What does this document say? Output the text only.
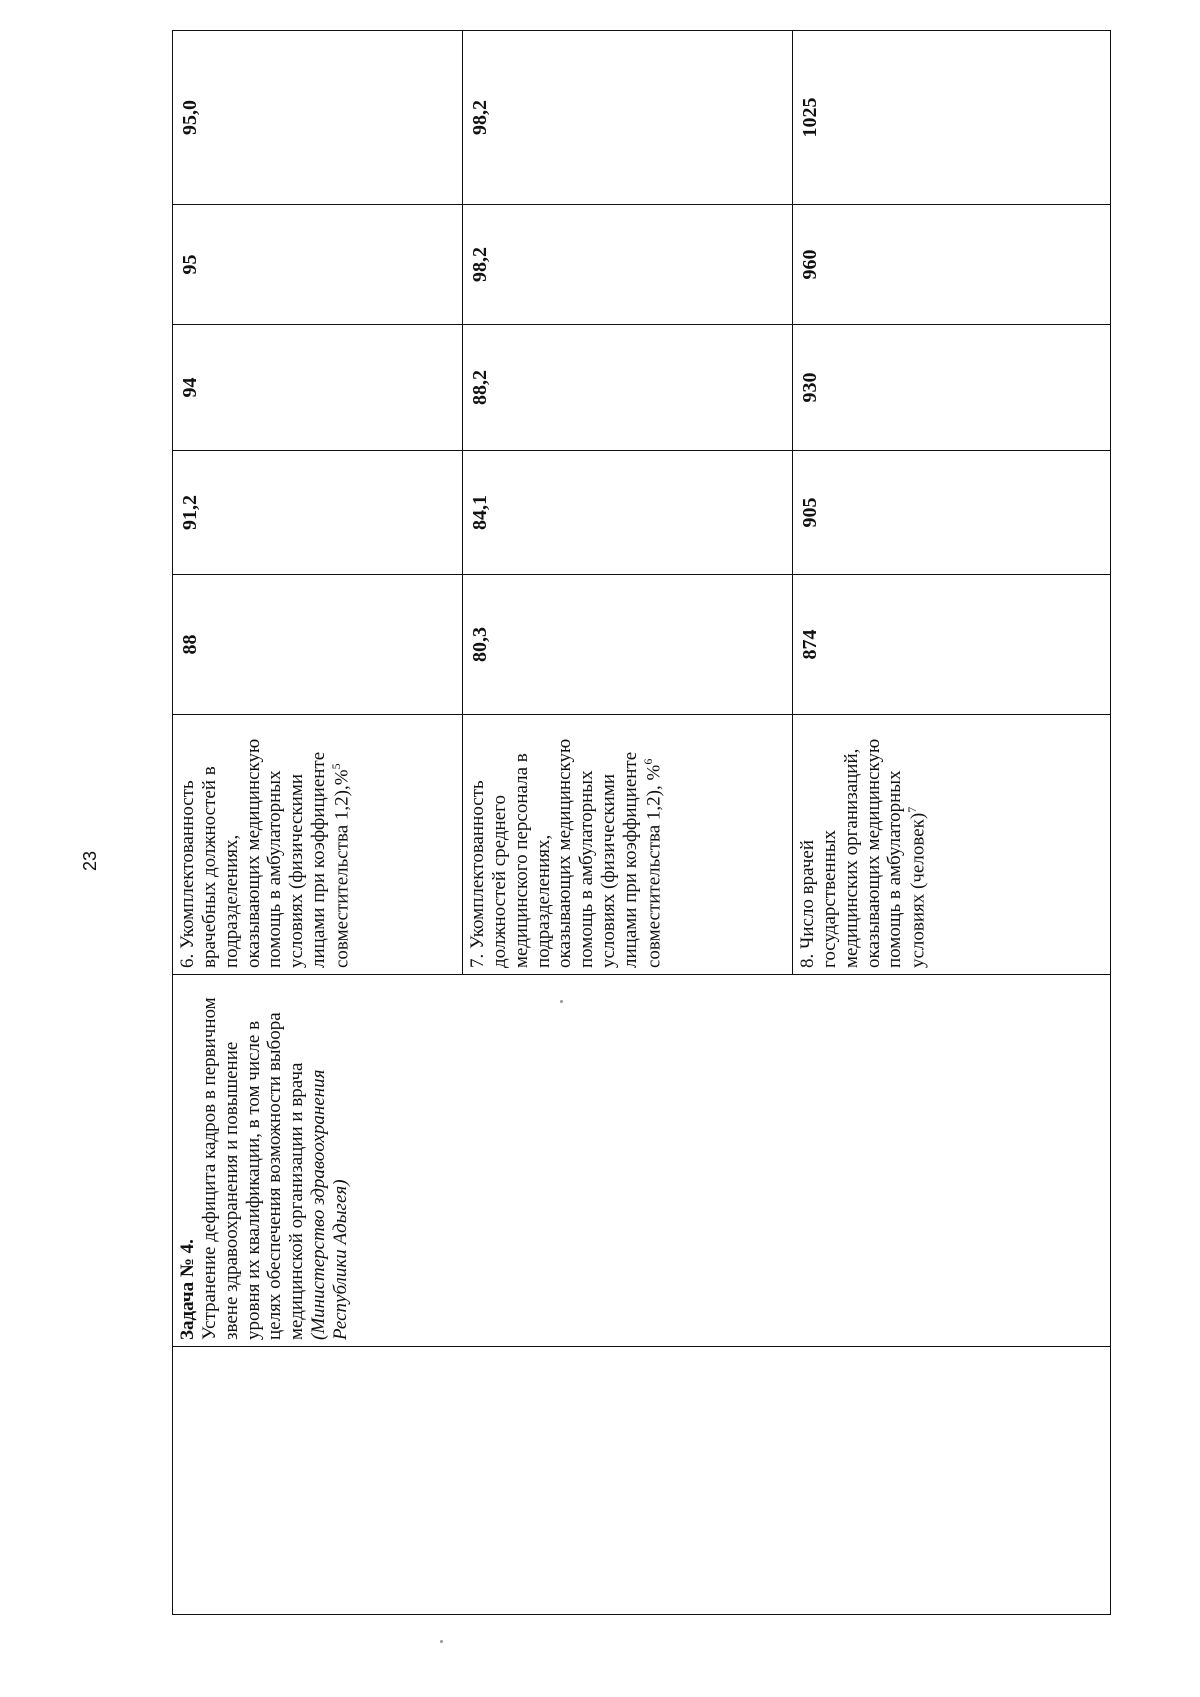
23

	Задача № 4. Устранение дефицита кадров в первичном звене здравоохранения и повышение уровня их квалификации, в том числе в целях обеспечения возможности выбора медицинской организации и врача (Министерство здравоохранения Республики Адыгея)	6. Укомплектованность врачебных должностей в подразделениях, оказывающих медицинскую помощь в амбулаторных условиях (физическими лицами при коэффициенте совместительства 1,2),%$^5$	88	91,2	94	95	95,0
		7. Укомплектованность должностей среднего медицинского персонала в подразделениях, оказывающих медицинскую помощь в амбулаторных условиях (физическими лицами при коэффициенте совместительства 1,2), %$^6$	80,3	84,1	88,2	98,2	98,2
		8. Число врачей государственных медицинских организаций, оказывающих медицинскую помощь в амбулаторных условиях (человек)$^7$	874	905	930	960	1025
